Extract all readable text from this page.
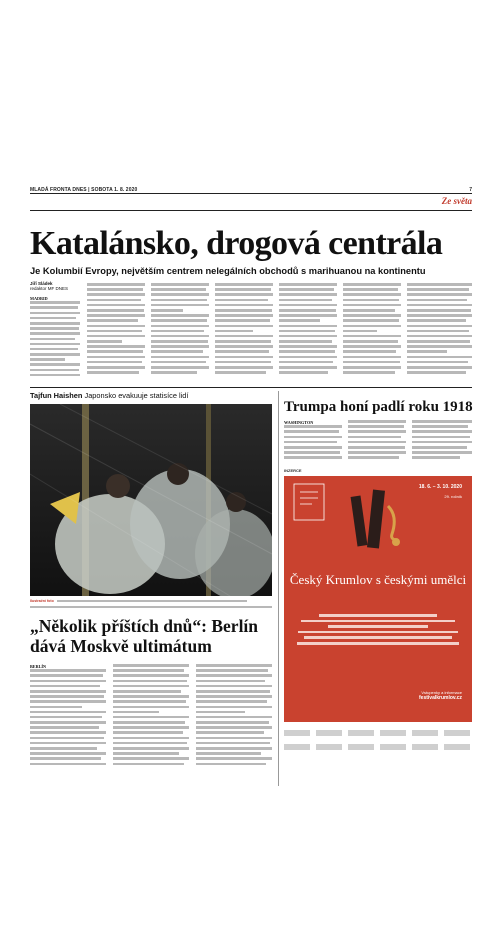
MLADÁ FRONTA DNES | SOBOTA 1. 8. 2020	7
Ze světa
Katalánsko, drogová centrála
Je Kolumbií Evropy, největším centrem nelegálních obchodů s marihuanou na kontinentu
Jiří Sládek
redaktor MF DNES
MADRID
Tajfun Haishen Japonsko evakuuje statisíce lidí
Ilustrační foto
„Několik příštích dnů“: Berlín dává Moskvě ultimátum
BERLÍN
Trumpa honí padlí roku 1918
WASHINGTON
INZERCE
18. 6. – 3. 10. 2020
29. ročník
Český Krumlov s českými umělci
Vstupenky a informace
festivalkrumlov.cz
